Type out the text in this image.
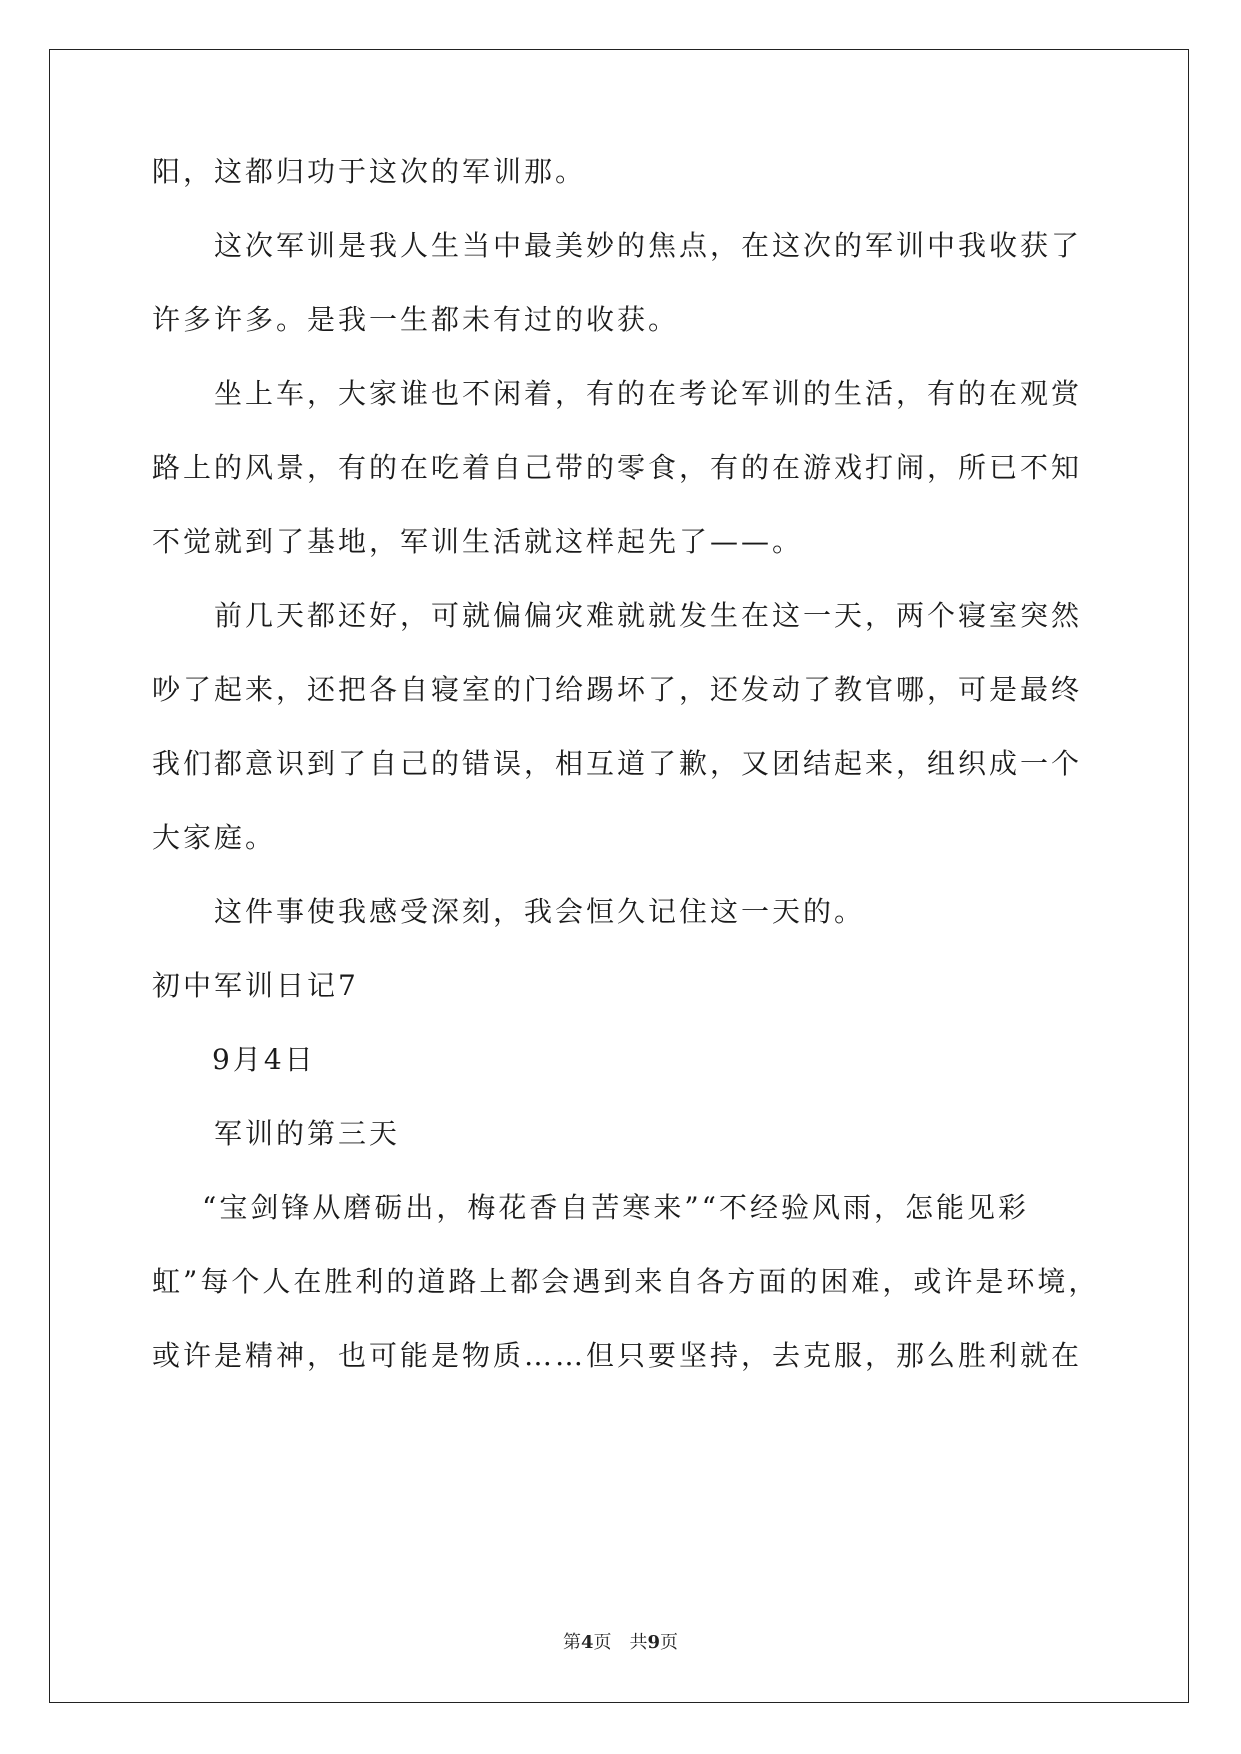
阳，这都归功于这次的军训那。
这次军训是我人生当中最美妙的焦点，在这次的军训中我收获了
许多许多。是我一生都未有过的收获。
坐上车，大家谁也不闲着，有的在考论军训的生活，有的在观赏
路上的风景，有的在吃着自己带的零食，有的在游戏打闹，所已不知
不觉就到了基地，军训生活就这样起先了——。
前几天都还好，可就偏偏灾难就就发生在这一天，两个寝室突然
吵了起来，还把各自寝室的门给踢坏了，还发动了教官哪，可是最终
我们都意识到了自己的错误，相互道了歉，又团结起来，组织成一个
大家庭。
这件事使我感受深刻，我会恒久记住这一天的。
初中军训日记7
9月4日
军训的第三天
“宝剑锋从磨砺出，梅花香自苦寒来”“不经验风雨，怎能见彩
虹”每个人在胜利的道路上都会遇到来自各方面的困难，或许是环境，
或许是精神，也可能是物质……但只要坚持，去克服，那么胜利就在
第4页　共9页
